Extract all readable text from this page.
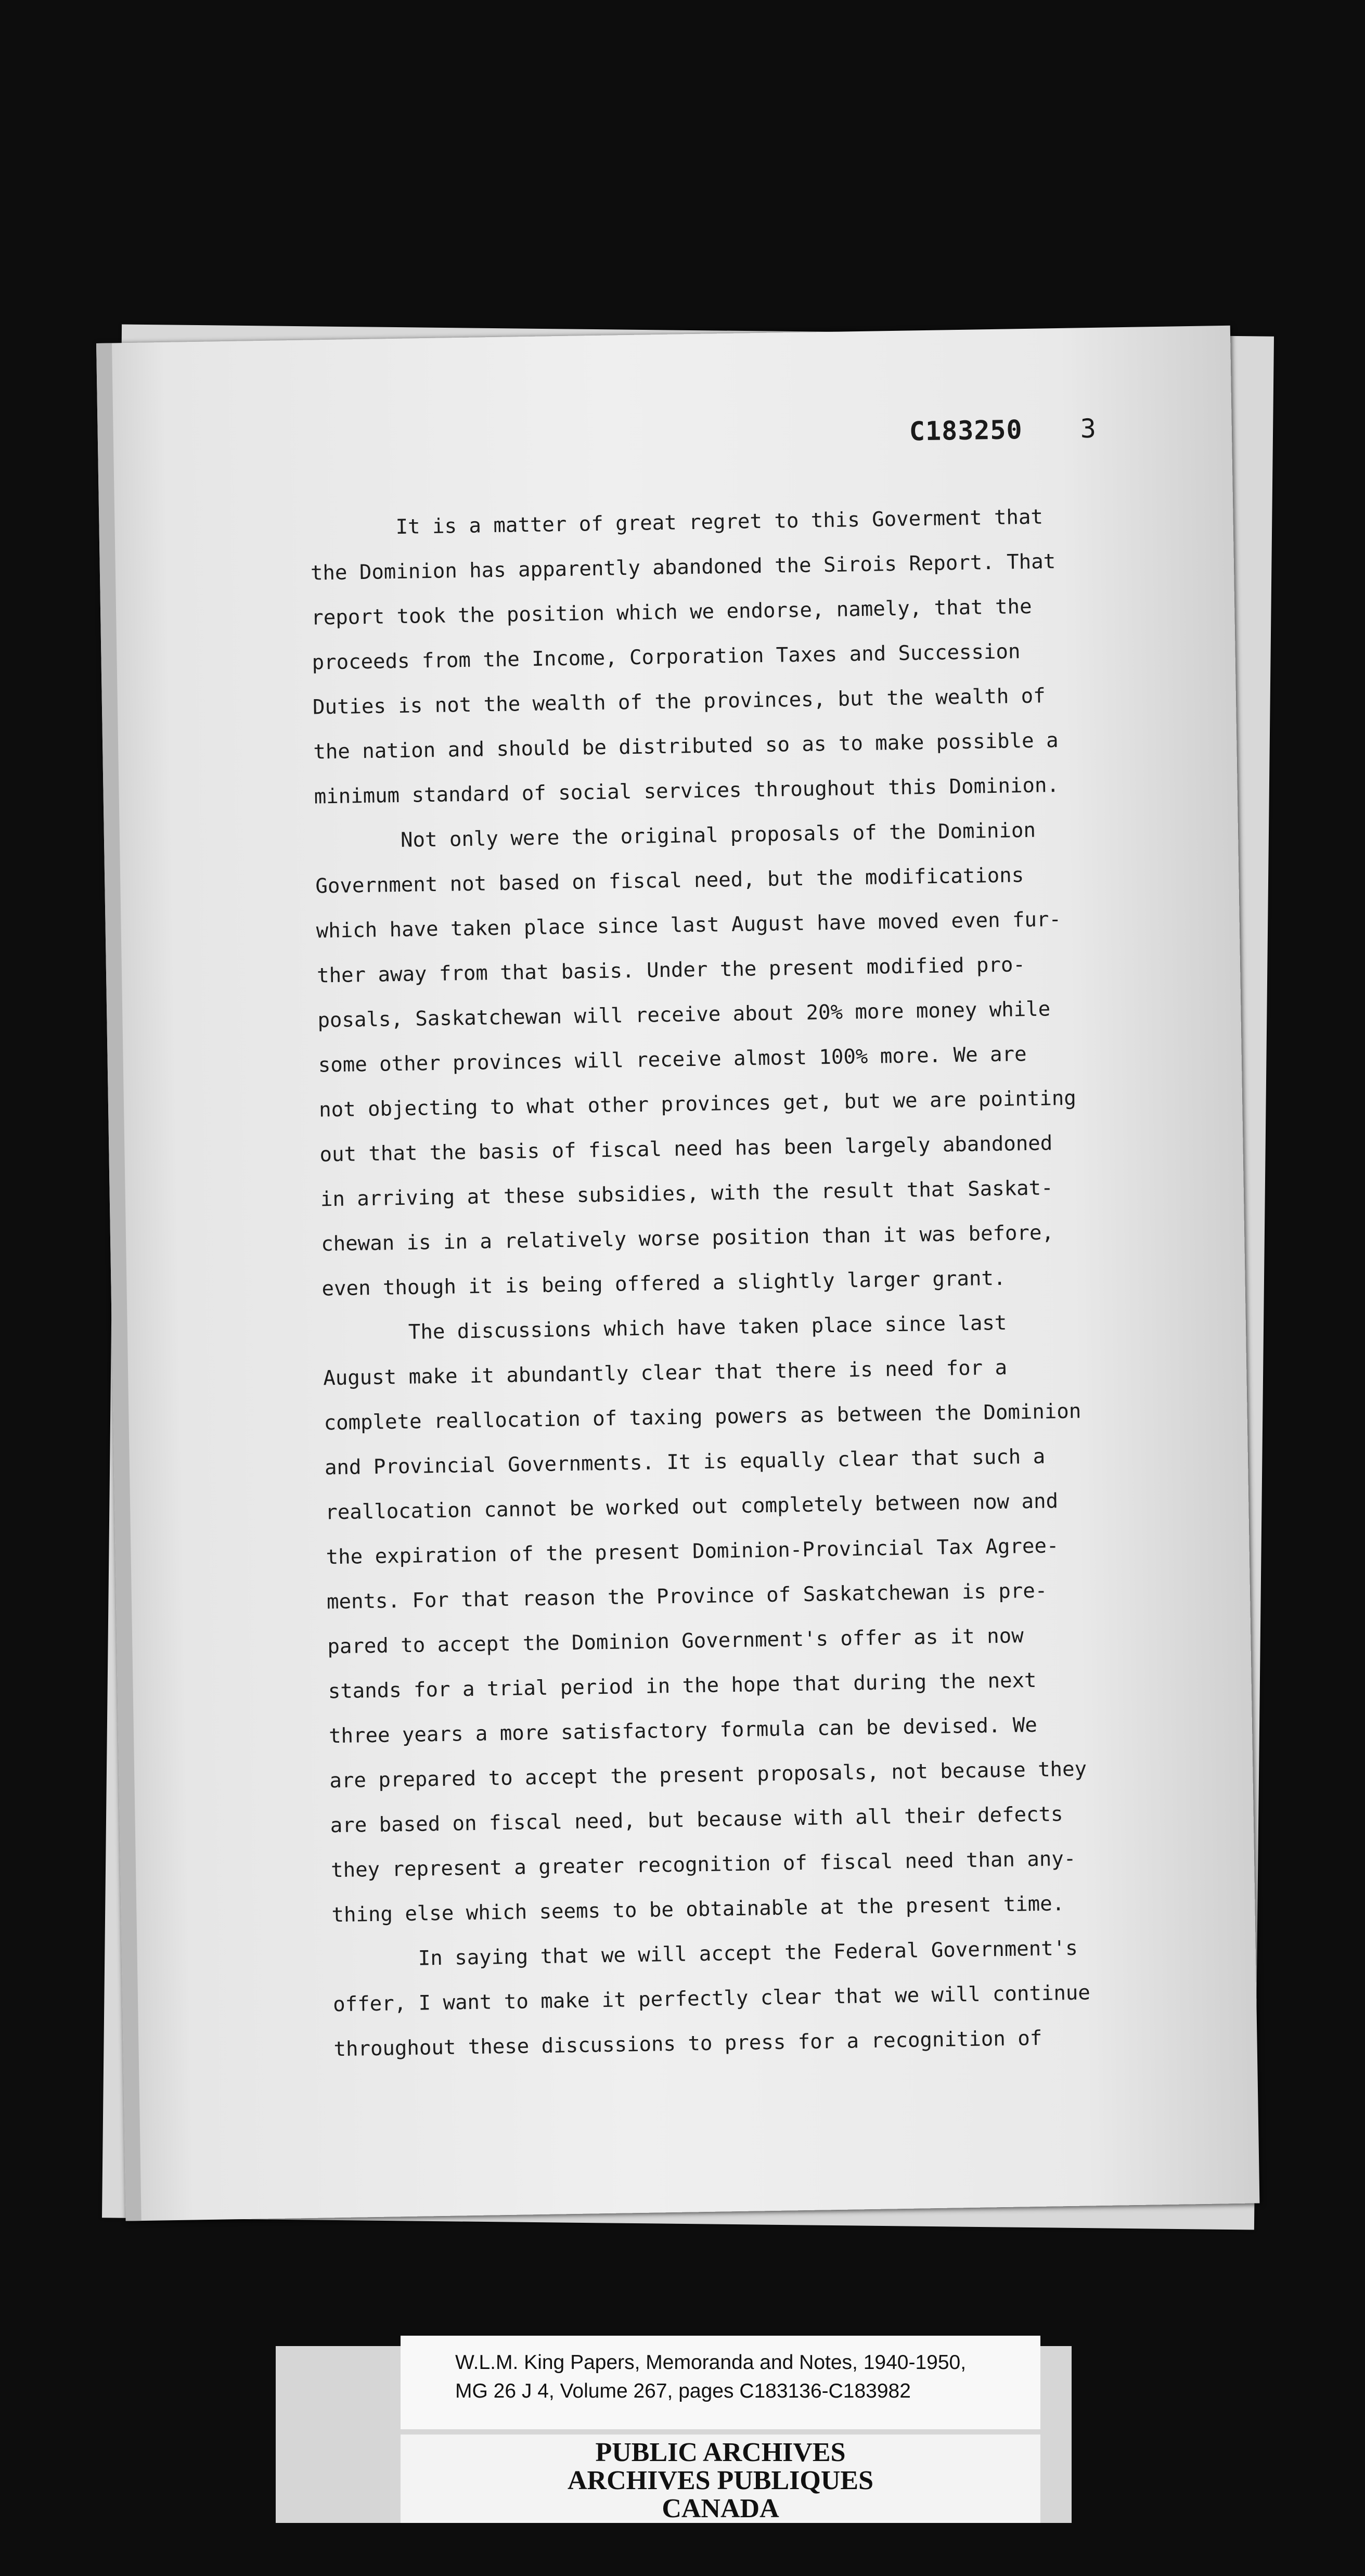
C183250 3
It is a matter of great regret to this Goverment that
the Dominion has apparently abandoned the Sirois Report. That
report took the position which we endorse, namely, that the
proceeds from the Income, Corporation Taxes and Succession
Duties is not the wealth of the provinces, but the wealth of
the nation and should be distributed so as to make possible a
minimum standard of social services throughout this Dominion.
Not only were the original proposals of the Dominion
Government not based on fiscal need, but the modifications
which have taken place since last August have moved even fur-
ther away from that basis. Under the present modified pro-
posals, Saskatchewan will receive about 20% more money while
some other provinces will receive almost 100% more. We are
not objecting to what other provinces get, but we are pointing
out that the basis of fiscal need has been largely abandoned
in arriving at these subsidies, with the result that Saskat-
chewan is in a relatively worse position than it was before,
even though it is being offered a slightly larger grant.
The discussions which have taken place since last
August make it abundantly clear that there is need for a
complete reallocation of taxing powers as between the Dominion
and Provincial Governments. It is equally clear that such a
reallocation cannot be worked out completely between now and
the expiration of the present Dominion-Provincial Tax Agree-
ments. For that reason the Province of Saskatchewan is pre-
pared to accept the Dominion Government's offer as it now
stands for a trial period in the hope that during the next
three years a more satisfactory formula can be devised. We
are prepared to accept the present proposals, not because they
are based on fiscal need, but because with all their defects
they represent a greater recognition of fiscal need than any-
thing else which seems to be obtainable at the present time.
In saying that we will accept the Federal Government's
offer, I want to make it perfectly clear that we will continue
throughout these discussions to press for a recognition of
W.L.M. King Papers, Memoranda and Notes, 1940-1950,
MG 26 J 4, Volume 267, pages C183136-C183982
PUBLIC ARCHIVES
ARCHIVES PUBLIQUES
CANADA
